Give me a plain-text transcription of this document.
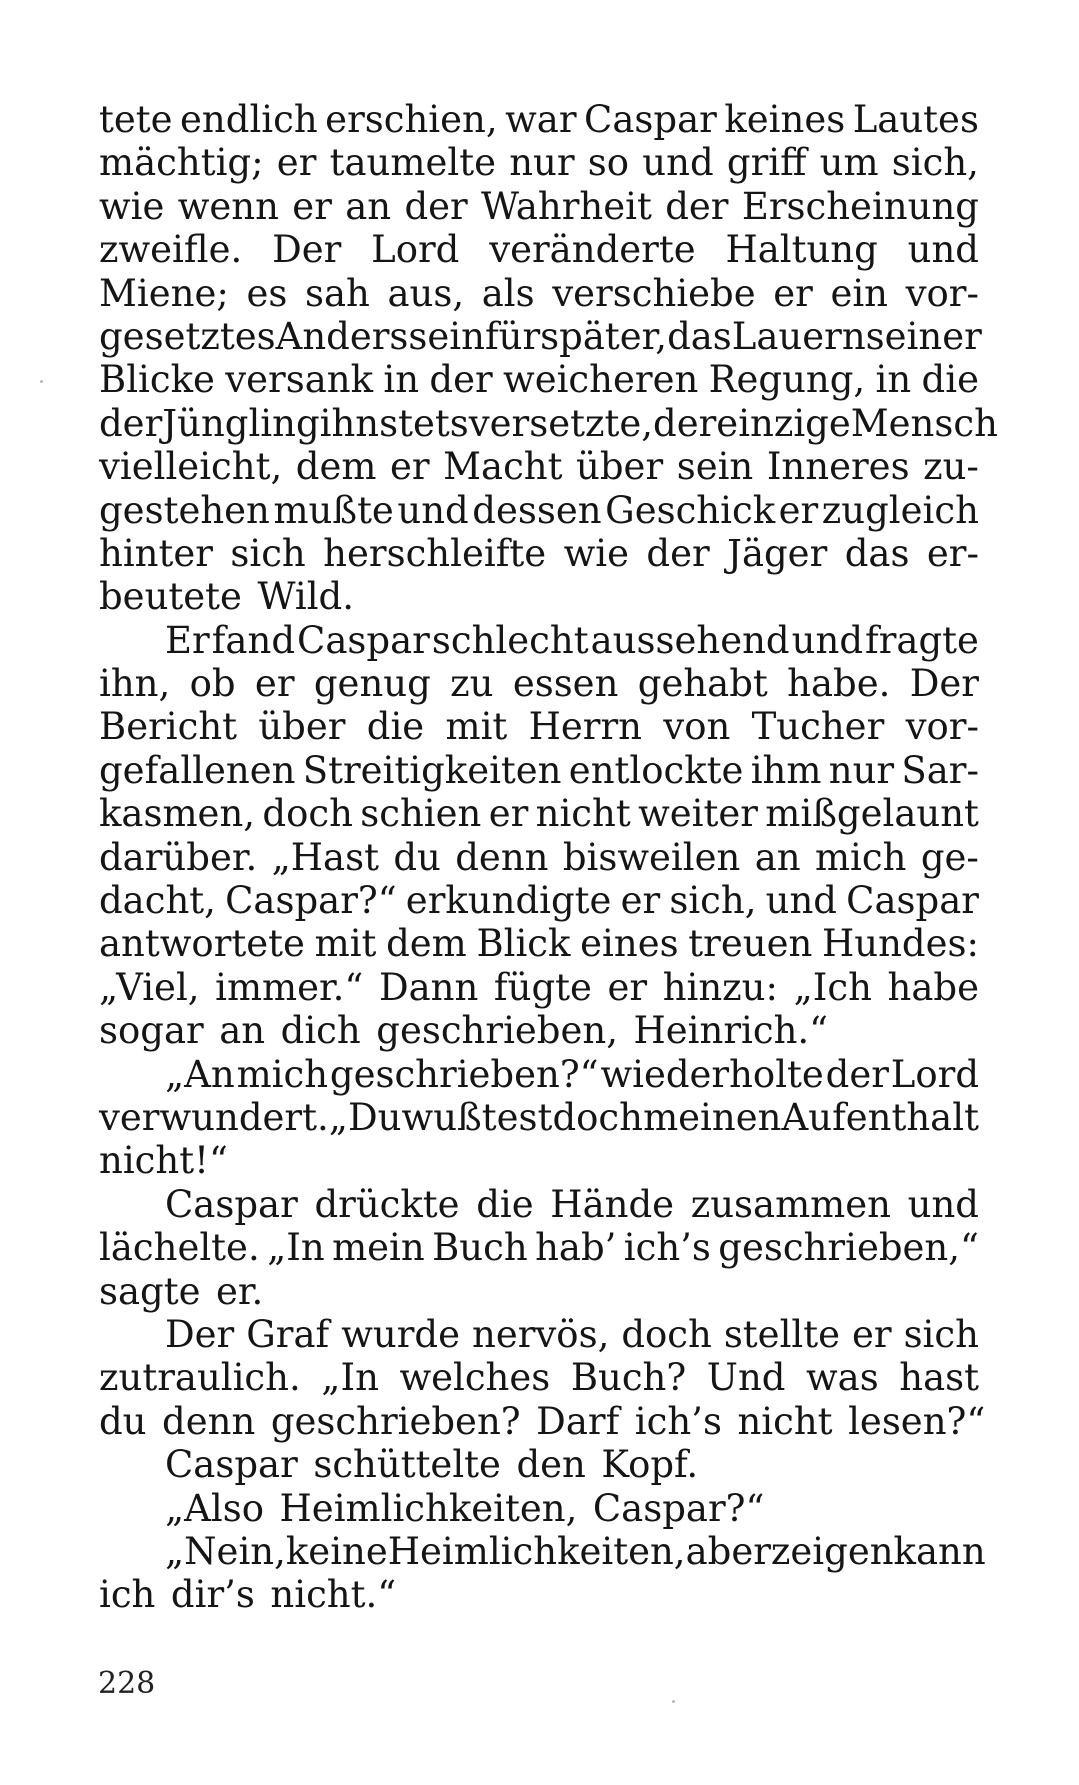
tete endlich erschien, war Caspar keines Lautes
mächtig; er taumelte nur so und griff um sich,
wie wenn er an der Wahrheit der Erscheinung
zweifle. Der Lord veränderte Haltung und
Miene; es sah aus, als verschiebe er ein vor-
gesetztes Anderssein für später, das Lauern seiner
Blicke versank in der weicheren Regung, in die
der Jüngling ihn stets versetzte, der einzige Mensch
vielleicht, dem er Macht über sein Inneres zu-
gestehen mußte und dessen Geschick er zugleich
hinter sich herschleifte wie der Jäger das er-
beutete Wild.
Er fand Caspar schlecht aussehend und fragte
ihn, ob er genug zu essen gehabt habe. Der
Bericht über die mit Herrn von Tucher vor-
gefallenen Streitigkeiten entlockte ihm nur Sar-
kasmen, doch schien er nicht weiter mißgelaunt
darüber. „Hast du denn bisweilen an mich ge-
dacht, Caspar?“ erkundigte er sich, und Caspar
antwortete mit dem Blick eines treuen Hundes:
„Viel, immer.“ Dann fügte er hinzu: „Ich habe
sogar an dich geschrieben, Heinrich.“
„An mich geschrieben?“ wiederholte der Lord
verwundert. „Du wußtest doch meinen Aufenthalt
nicht!“
Caspar drückte die Hände zusammen und
lächelte. „In mein Buch hab’ ich’s geschrieben,“
sagte er.
Der Graf wurde nervös, doch stellte er sich
zutraulich. „In welches Buch? Und was hast
du denn geschrieben? Darf ich’s nicht lesen?“
Caspar schüttelte den Kopf.
„Also Heimlichkeiten, Caspar?“
„Nein, keine Heimlichkeiten, aber zeigen kann
ich dir’s nicht.“
228
